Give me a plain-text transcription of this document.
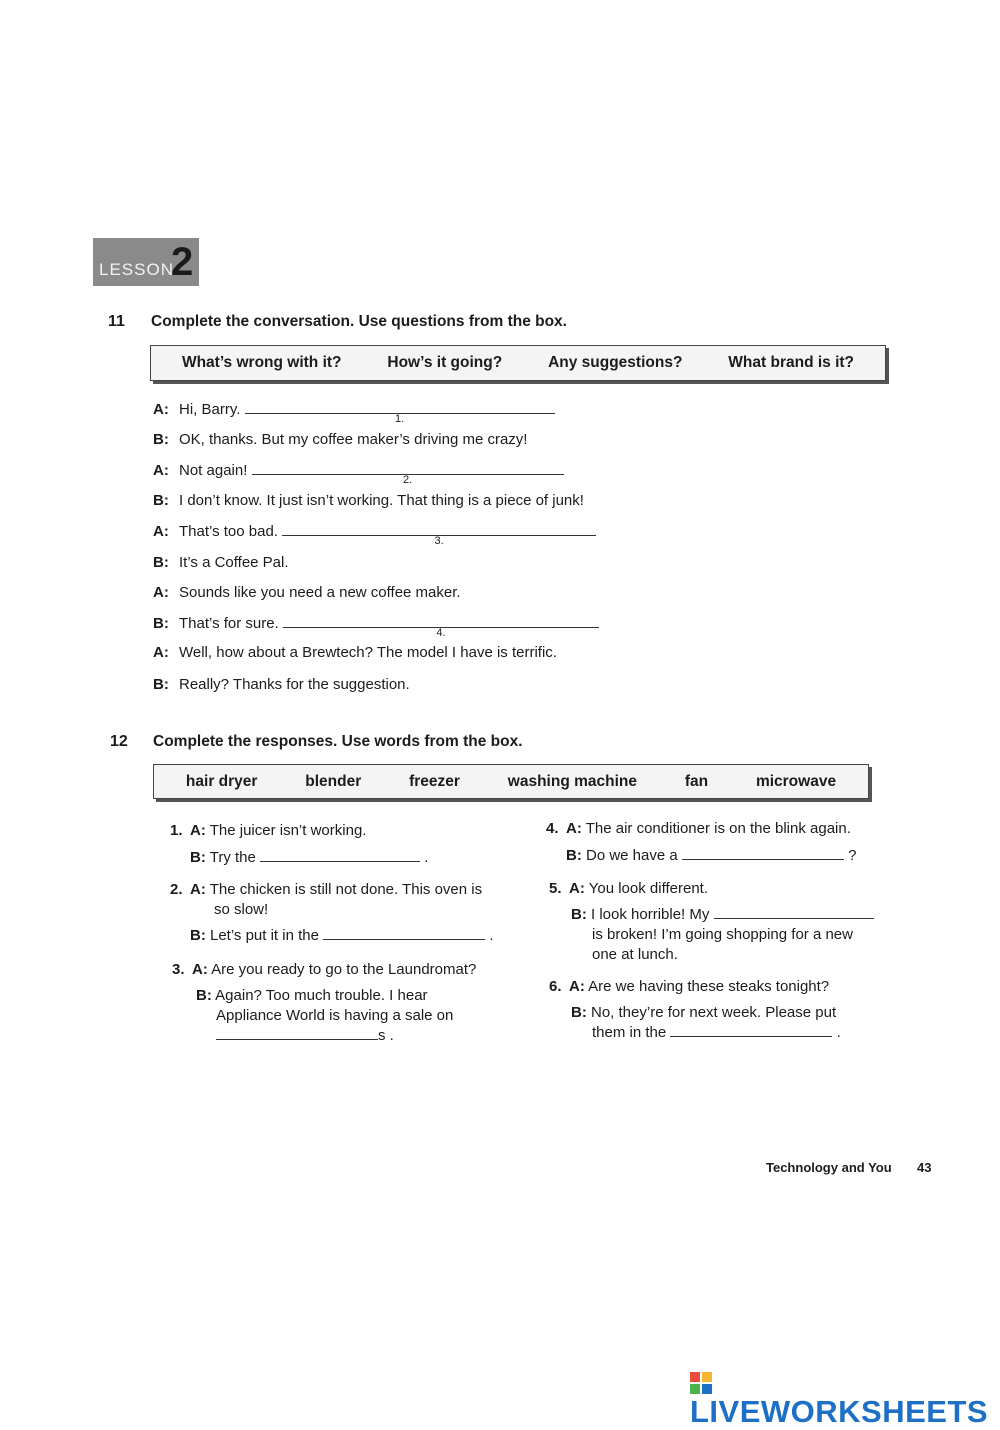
LESSON
2
11 Complete the conversation. Use questions from the box.
What’s wrong with it?	How’s it going?	Any suggestions?	What brand is it?
A: Hi, Barry.
1.
B: OK, thanks. But my coffee maker’s driving me crazy!
A: Not again!
2.
B: I don’t know. It just isn’t working. That thing is a piece of junk!
A: That’s too bad.
3.
B: It’s a Coffee Pal.
A: Sounds like you need a new coffee maker.
B: That’s for sure.
4.
A: Well, how about a Brewtech? The model I have is terrific.
B: Really? Thanks for the suggestion.
12 Complete the responses. Use words from the box.
hair dryer	blender	freezer	washing machine	fan	microwave
1. A: The juicer isn’t working.
B: Try the	.
2. A: The chicken is still not done. This oven is
so slow!
B: Let’s put it in the	.
3. A: Are you ready to go to the Laundromat?
B: Again? Too much trouble. I hear
Appliance World is having a sale on
s .
4. A: The air conditioner is on the blink again.
B: Do we have a	?
5. A: You look different.
B: I look horrible! My
is broken! I’m going shopping for a new
one at lunch.
6. A: Are we having these steaks tonight?
B: No, they’re for next week. Please put
them in the	.
Technology and You 43
LIVEWORKSHEETS
